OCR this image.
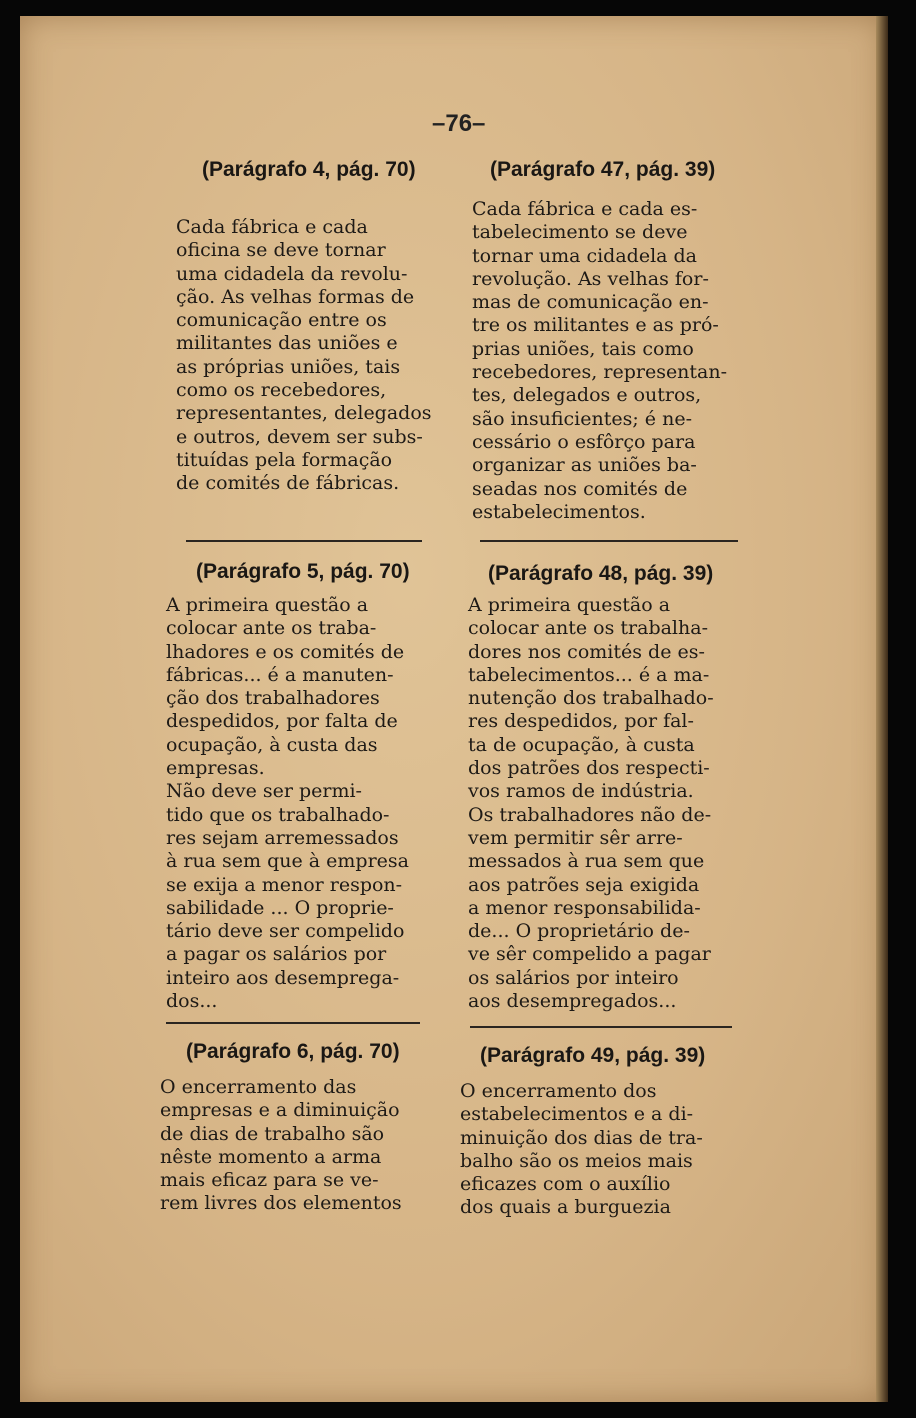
–76–
(Parágrafo 4, pág. 70)
Cada fábrica e cada
oficina se deve tornar
uma cidadela da revolu-
ção. As velhas formas de
comunicação entre os
militantes das uniões e
as próprias uniões, tais
como os recebedores,
representantes, delegados
e outros, devem ser subs-
tituídas pela formação
de comités de fábricas.
(Parágrafo 5, pág. 70)
A primeira questão a
colocar ante os traba-
lhadores e os comités de
fábricas... é a manuten-
ção dos trabalhadores
despedidos, por falta de
ocupação, à custa das
empresas.
Não deve ser permi-
tido que os trabalhado-
res sejam arremessados
à rua sem que à empresa
se exija a menor respon-
sabilidade ... O proprie-
tário deve ser compelido
a pagar os salários por
inteiro aos desemprega-
dos...
(Parágrafo 6, pág. 70)
O encerramento das
empresas e a diminuição
de dias de trabalho são
nêste momento a arma
mais eficaz para se ve-
rem livres dos elementos
(Parágrafo 47, pág. 39)
Cada fábrica e cada es-
tabelecimento se deve
tornar uma cidadela da
revolução. As velhas for-
mas de comunicação en-
tre os militantes e as pró-
prias uniões, tais como
recebedores, representan-
tes, delegados e outros,
são insuficientes; é ne-
cessário o esfôrço para
organizar as uniões ba-
seadas nos comités de
estabelecimentos.
(Parágrafo 48, pág. 39)
A primeira questão a
colocar ante os trabalha-
dores nos comités de es-
tabelecimentos... é a ma-
nutenção dos trabalhado-
res despedidos, por fal-
ta de ocupação, à custa
dos patrões dos respecti-
vos ramos de indústria.
Os trabalhadores não de-
vem permitir sêr arre-
messados à rua sem que
aos patrões seja exigida
a menor responsabilida-
de... O proprietário de-
ve sêr compelido a pagar
os salários por inteiro
aos desempregados...
(Parágrafo 49, pág. 39)
O encerramento dos
estabelecimentos e a di-
minuição dos dias de tra-
balho são os meios mais
eficazes com o auxílio
dos quais a burguezia
